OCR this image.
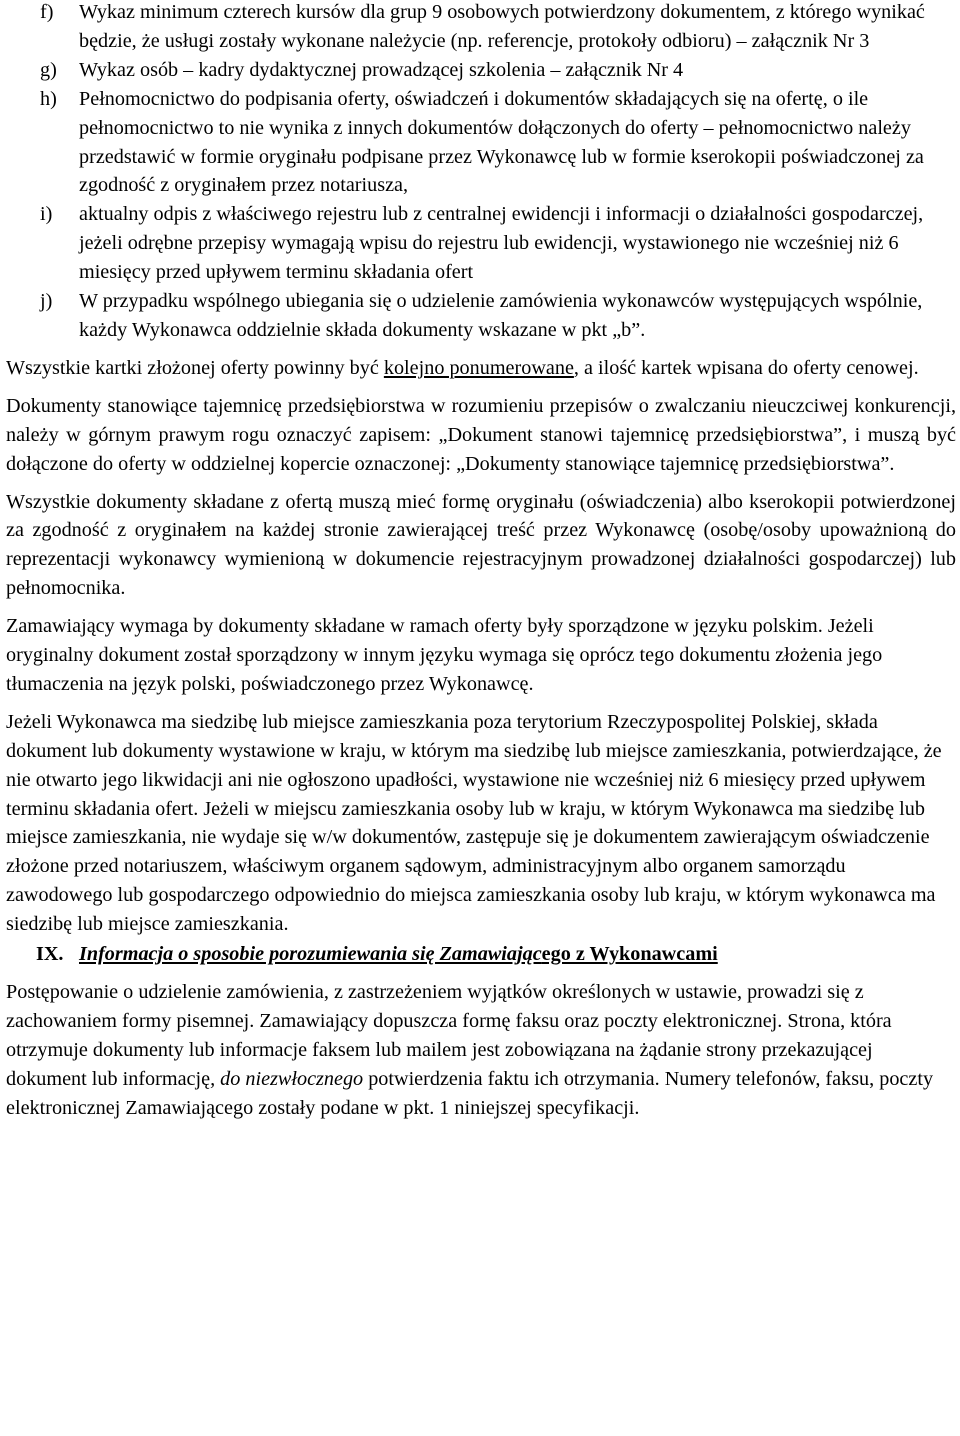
f) Wykaz minimum czterech kursów dla grup 9 osobowych potwierdzony dokumentem, z którego wynikać będzie, że usługi zostały wykonane należycie (np. referencje, protokoły odbioru) – załącznik Nr 3
g) Wykaz osób – kadry dydaktycznej prowadzącej szkolenia – załącznik Nr 4
h) Pełnomocnictwo do podpisania oferty, oświadczeń i dokumentów składających się na ofertę, o ile pełnomocnictwo to nie wynika z innych dokumentów dołączonych do oferty – pełnomocnictwo należy przedstawić w formie oryginału podpisane przez Wykonawcę lub w formie kserokopii poświadczonej za zgodność z oryginałem przez notariusza,
i) aktualny odpis z właściwego rejestru lub z centralnej ewidencji i informacji o działalności gospodarczej, jeżeli odrębne przepisy wymagają wpisu do rejestru lub ewidencji, wystawionego nie wcześniej niż 6 miesięcy przed upływem terminu składania ofert
j) W przypadku wspólnego ubiegania się o udzielenie zamówienia wykonawców występujących wspólnie, każdy Wykonawca oddzielnie składa dokumenty wskazane w pkt „b”.

Wszystkie kartki złożonej oferty powinny być kolejno ponumerowane, a ilość kartek wpisana do oferty cenowej.

Dokumenty stanowiące tajemnicę przedsiębiorstwa w rozumieniu przepisów o zwalczaniu nieuczciwej konkurencji, należy w górnym prawym rogu oznaczyć zapisem: „Dokument stanowi tajemnicę przedsiębiorstwa”, i muszą być dołączone do oferty w oddzielnej kopercie oznaczonej: „Dokumenty stanowiące tajemnicę przedsiębiorstwa”.

Wszystkie dokumenty składane z ofertą muszą mieć formę oryginału (oświadczenia) albo kserokopii potwierdzonej za zgodność z oryginałem na każdej stronie zawierającej treść przez Wykonawcę (osobę/osoby upoważnioną do reprezentacji wykonawcy wymienioną w dokumencie rejestracyjnym prowadzonej działalności gospodarczej) lub pełnomocnika.

Zamawiający wymaga by dokumenty składane w ramach oferty były sporządzone w języku polskim. Jeżeli oryginalny dokument został sporządzony w innym języku wymaga się oprócz tego dokumentu złożenia jego tłumaczenia na język polski, poświadczonego przez Wykonawcę.

Jeżeli Wykonawca ma siedzibę lub miejsce zamieszkania poza terytorium Rzeczypospolitej Polskiej, składa dokument lub dokumenty wystawione w kraju, w którym ma siedzibę lub miejsce zamieszkania, potwierdzające, że nie otwarto jego likwidacji ani nie ogłoszono upadłości, wystawione nie wcześniej niż 6 miesięcy przed upływem terminu składania ofert. Jeżeli w miejscu zamieszkania osoby lub w kraju, w którym Wykonawca ma siedzibę lub miejsce zamieszkania, nie wydaje się w/w dokumentów, zastępuje się je dokumentem zawierającym oświadczenie złożone przed notariuszem, właściwym organem sądowym, administracyjnym albo organem samorządu zawodowego lub gospodarczego odpowiednio do miejsca zamieszkania osoby lub kraju, w którym wykonawca ma siedzibę lub miejsce zamieszkania.

IX. Informacja o sposobie porozumiewania się Zamawiającego z Wykonawcami

Postępowanie o udzielenie zamówienia, z zastrzeżeniem wyjątków określonych w ustawie, prowadzi się z zachowaniem formy pisemnej. Zamawiający dopuszcza formę faksu oraz poczty elektronicznej. Strona, która otrzymuje dokumenty lub informacje faksem lub mailem jest zobowiązana na żądanie strony przekazującej dokument lub informację, do niezwłocznego potwierdzenia faktu ich otrzymania. Numery telefonów, faksu, poczty elektronicznej Zamawiającego zostały podane w pkt. 1 niniejszej specyfikacji.
